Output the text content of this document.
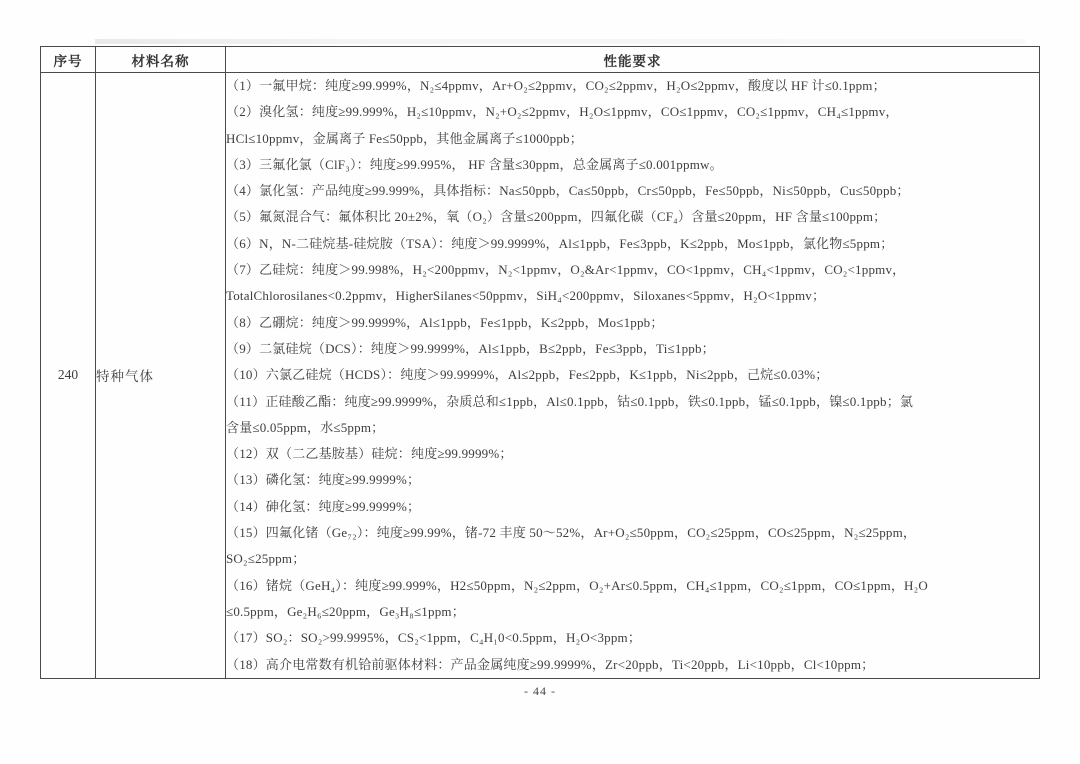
序号	材料名称	性能要求
240	特种气体	
（1）一氟甲烷：纯度≥99.999%，N₂≤4ppmv，Ar+O₂≤2ppmv，CO₂≤2ppmv，H₂O≤2ppmv，酸度以 HF 计≤0.1ppm；
（2）溴化氢：纯度≥99.999%，H₂≤10ppmv，N₂+O₂≤2ppmv，H₂O≤1ppmv，CO≤1ppmv，CO₂≤1ppmv，CH₄≤1ppmv，
HCl≤10ppmv，金属离子 Fe≤50ppb，其他金属离子≤1000ppb；
（3）三氟化氯（ClF₃）：纯度≥99.995%， HF 含量≤30ppm，总金属离子≤0.001ppmw。
（4）氯化氢：产品纯度≥99.999%，具体指标：Na≤50ppb，Ca≤50ppb，Cr≤50ppb，Fe≤50ppb，Ni≤50ppb，Cu≤50ppb；
（5）氟氮混合气：氟体积比 20±2%，氧（O₂）含量≤200ppm，四氟化碳（CF₄）含量≤20ppm，HF 含量≤100ppm；
（6）N，N-二硅烷基-硅烷胺（TSA）：纯度＞99.9999%，Al≤1ppb，Fe≤3ppb，K≤2ppb，Mo≤1ppb，氯化物≤5ppm；
（7）乙硅烷：纯度＞99.998%，H₂<200ppmv，N₂<1ppmv，O₂&Ar<1ppmv，CO<1ppmv，CH₄<1ppmv，CO₂<1ppmv，
TotalChlorosilanes<0.2ppmv，HigherSilanes<50ppmv，SiH₄<200ppmv，Siloxanes<5ppmv，H₂O<1ppmv；
（8）乙硼烷：纯度＞99.9999%，Al≤1ppb，Fe≤1ppb，K≤2ppb，Mo≤1ppb；
（9）二氯硅烷（DCS）：纯度＞99.9999%，Al≤1ppb，B≤2ppb，Fe≤3ppb，Ti≤1ppb；
（10）六氯乙硅烷（HCDS）：纯度＞99.9999%，Al≤2ppb，Fe≤2ppb，K≤1ppb，Ni≤2ppb，己烷≤0.03%；
（11）正硅酸乙酯：纯度≥99.9999%，杂质总和≤1ppb，Al≤0.1ppb，钴≤0.1ppb，铁≤0.1ppb，锰≤0.1ppb，镍≤0.1ppb；氯
含量≤0.05ppm，水≤5ppm；
（12）双（二乙基胺基）硅烷：纯度≥99.9999%；
（13）磷化氢：纯度≥99.9999%；
（14）砷化氢：纯度≥99.9999%；
（15）四氟化锗（Ge₇₂）：纯度≥99.99%，锗-72 丰度 50～52%，Ar+O₂≤50ppm，CO₂≤25ppm，CO≤25ppm，N₂≤25ppm，
SO₂≤25ppm；
（16）锗烷（GeH₄）：纯度≥99.999%，H2≤50ppm，N₂≤2ppm，O₂+Ar≤0.5ppm，CH₄≤1ppm，CO₂≤1ppm，CO≤1ppm，H₂O
≤0.5ppm，Ge₂H₆≤20ppm，Ge₃H₈≤1ppm；
（17）SO₂：SO₂>99.9995%，CS₂<1ppm，C₄H₁0<0.5ppm，H₂O<3ppm；
（18）高介电常数有机铪前驱体材料：产品金属纯度≥99.9999%，Zr<20ppb，Ti<20ppb，Li<10ppb，Cl<10ppm；
- 44 -
